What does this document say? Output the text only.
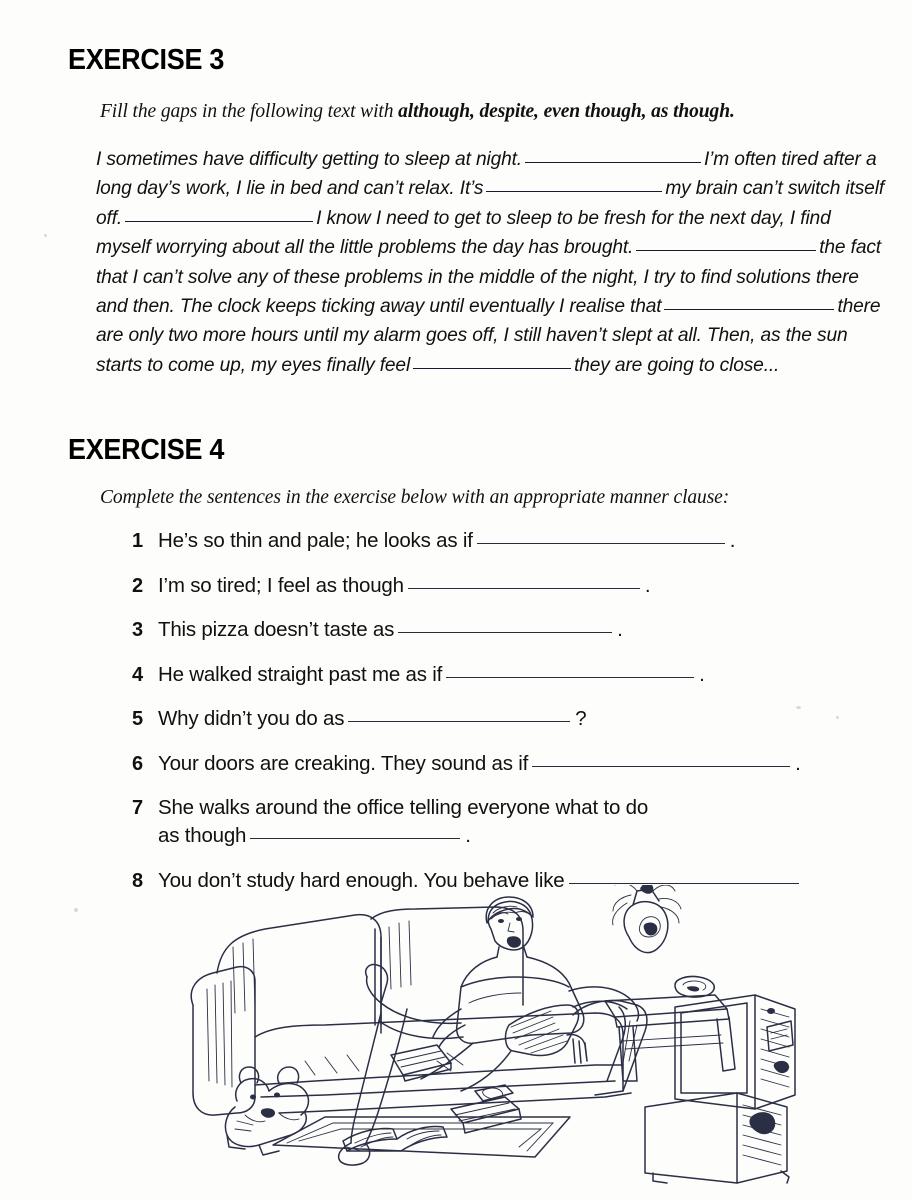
EXERCISE 3
Fill the gaps in the following text with although, despite, even though, as though.
I sometimes have difficulty getting to sleep at night.	I’m often tired after a long day’s work, I lie in bed and can’t relax. It’s	my brain can’t switch itself off.	I know I need to get to sleep to be fresh for the next day, I find myself worrying about all the little problems the day has brought.	the fact that I can’t solve any of these problems in the middle of the night, I try to find solutions there and then. The clock keeps ticking away until eventually I realise that	there are only two more hours until my alarm goes off, I still haven’t slept at all. Then, as the sun starts to come up, my eyes finally feel	they are going to close...
EXERCISE 4
Complete the sentences in the exercise below with an appropriate manner clause:
1 He’s so thin and pale; he looks as if	.
2 I’m so tired; I feel as though	.
3 This pizza doesn’t taste as	.
4 He walked straight past me as if	.
5 Why didn’t you do as	?
6 Your doors are creaking. They sound as if	.
7 She walks around the office telling everyone what to do
as though	.
8 You don’t study hard enough. You behave like
